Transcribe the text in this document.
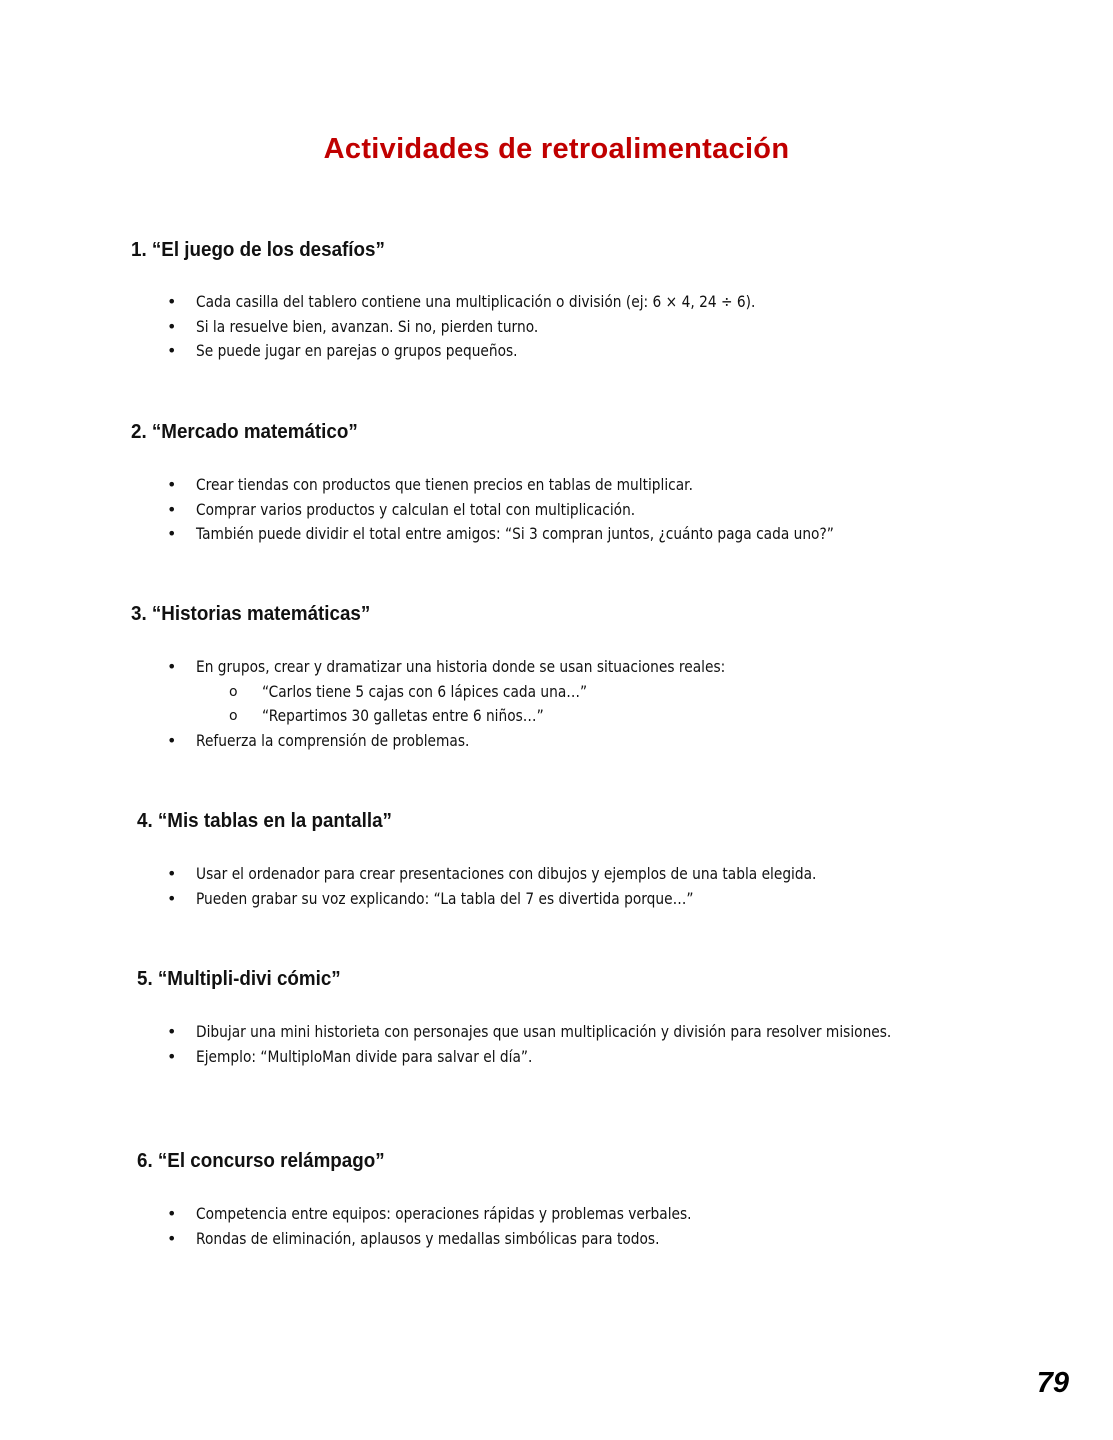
Actividades de retroalimentación
1. “El juego de los desafíos”
• Cada casilla del tablero contiene una multiplicación o división (ej: 6 × 4, 24 ÷ 6).
• Si la resuelve bien, avanzan. Si no, pierden turno.
• Se puede jugar en parejas o grupos pequeños.
2. “Mercado matemático”
• Crear tiendas con productos que tienen precios en tablas de multiplicar.
• Comprar varios productos y calculan el total con multiplicación.
• También puede dividir el total entre amigos: “Si 3 compran juntos, ¿cuánto paga cada uno?”
3. “Historias matemáticas”
• En grupos, crear y dramatizar una historia donde se usan situaciones reales:
o “Carlos tiene 5 cajas con 6 lápices cada una…”
o “Repartimos 30 galletas entre 6 niños…”
• Refuerza la comprensión de problemas.
4. “Mis tablas en la pantalla”
• Usar el ordenador para crear presentaciones con dibujos y ejemplos de una tabla elegida.
• Pueden grabar su voz explicando: “La tabla del 7 es divertida porque…”
5. “Multipli-divi cómic”
• Dibujar una mini historieta con personajes que usan multiplicación y división para resolver misiones.
• Ejemplo: “MultiploMan divide para salvar el día”.
6. “El concurso relámpago”
• Competencia entre equipos: operaciones rápidas y problemas verbales.
• Rondas de eliminación, aplausos y medallas simbólicas para todos.
79
